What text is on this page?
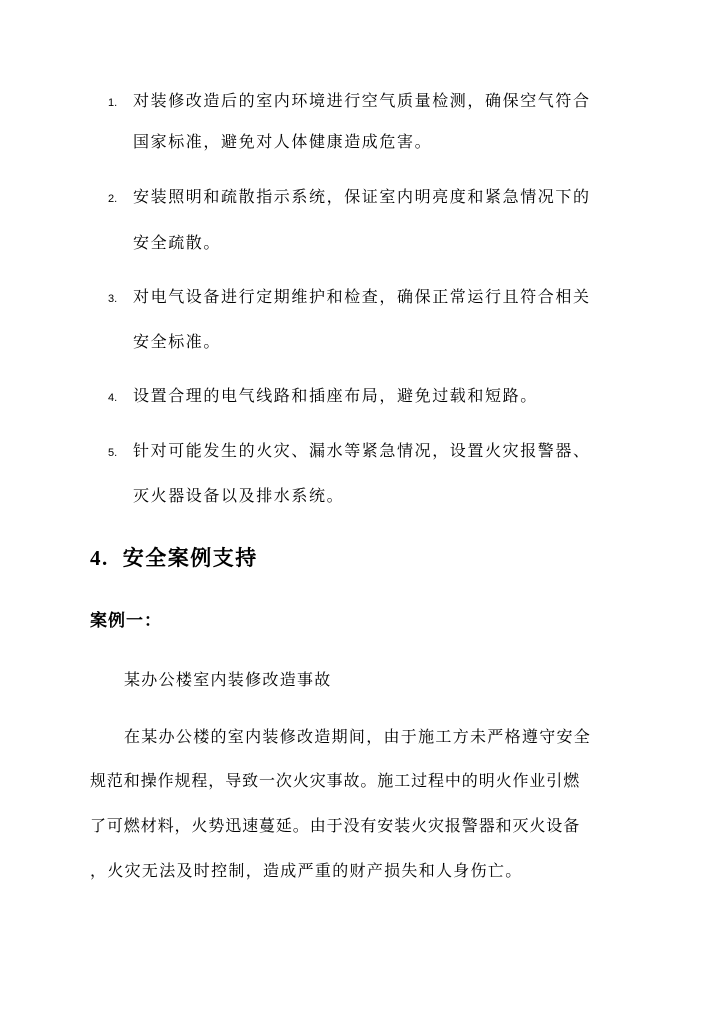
1. 对装修改造后的室内环境进行空气质量检测，确保空气符合
国家标准，避免对人体健康造成危害。
2. 安装照明和疏散指示系统，保证室内明亮度和紧急情况下的
安全疏散。
3. 对电气设备进行定期维护和检查，确保正常运行且符合相关
安全标准。
4. 设置合理的电气线路和插座布局，避免过载和短路。
5. 针对可能发生的火灾、漏水等紧急情况，设置火灾报警器、
灭火器设备以及排水系统。
4. 安全案例支持
案例一：
某办公楼室内装修改造事故
在某办公楼的室内装修改造期间，由于施工方未严格遵守安全
规范和操作规程，导致一次火灾事故。施工过程中的明火作业引燃
了可燃材料，火势迅速蔓延。由于没有安装火灾报警器和灭火设备
，火灾无法及时控制，造成严重的财产损失和人身伤亡。
